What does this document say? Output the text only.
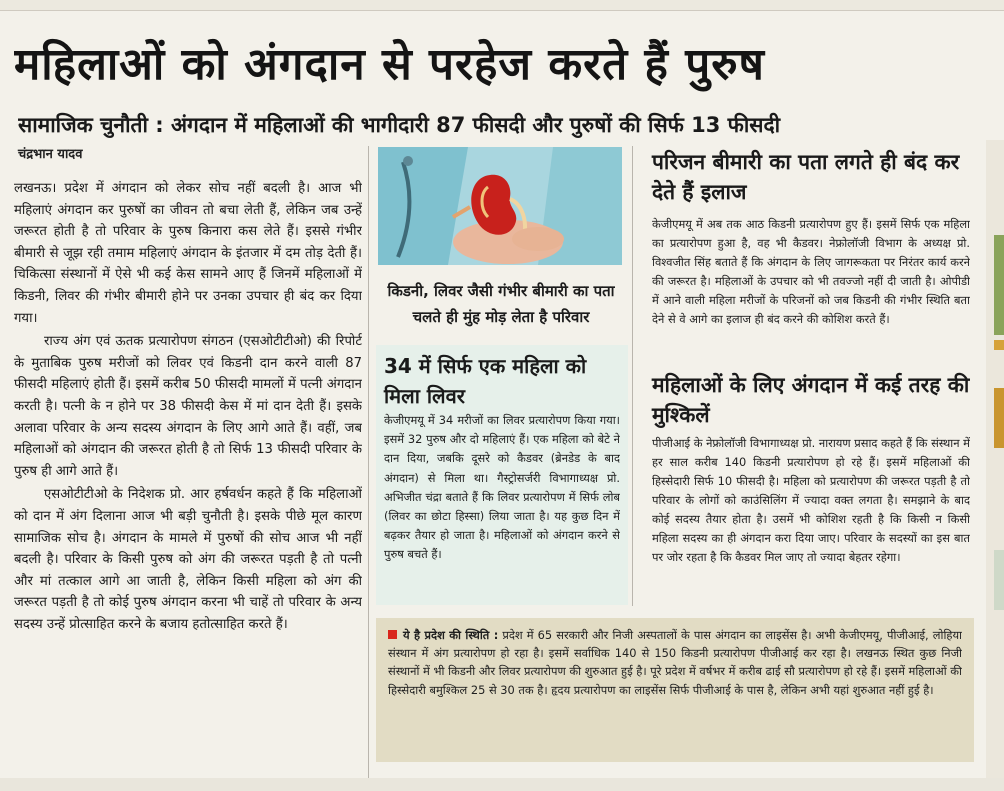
महिलाओं को अंगदान से परहेज करते हैं पुरुष
सामाजिक चुनौती : अंगदान में महिलाओं की भागीदारी 87 फीसदी और पुरुषों की सिर्फ 13 फीसदी
चंद्रभान यादव

लखनऊ। प्रदेश में अंगदान को लेकर सोच नहीं बदली है। आज भी महिलाएं अंगदान कर पुरुषों का जीवन तो बचा लेती हैं, लेकिन जब उन्हें जरूरत होती है तो परिवार के पुरुष किनारा कस लेते हैं। इससे गंभीर बीमारी से जूझ रही तमाम महिलाएं अंगदान के इंतजार में दम तोड़ देती हैं। चिकित्सा संस्थानों में ऐसे भी कई केस सामने आए हैं जिनमें महिलाओं में किडनी, लिवर की गंभीर बीमारी होने पर उनका उपचार ही बंद कर दिया गया।

राज्य अंग एवं ऊतक प्रत्यारोपण संगठन (एसओटीटीओ) की रिपोर्ट के मुताबिक पुरुष मरीजों को लिवर एवं किडनी दान करने वाली 87 फीसदी महिलाएं होती हैं। इसमें करीब 50 फीसदी मामलों में पत्नी अंगदान करती है। पत्नी के न होने पर 38 फीसदी केस में मां दान देती हैं। इसके अलावा परिवार के अन्य सदस्य अंगदान के लिए आगे आते हैं। वहीं, जब महिलाओं को अंगदान की जरूरत होती है तो सिर्फ 13 फीसदी परिवार के पुरुष ही आगे आते हैं।

एसओटीटीओ के निदेशक प्रो. आर हर्षवर्धन कहते हैं कि महिलाओं को दान में अंग दिलाना आज भी बड़ी चुनौती है। इसके पीछे मूल कारण सामाजिक सोच है। अंगदान के मामले में पुरुषों की सोच आज भी नहीं बदली है। परिवार के किसी पुरुष को अंग की जरूरत पड़ती है तो पत्नी और मां तत्काल आगे आ जाती है, लेकिन किसी महिला को अंग की जरूरत पड़ती है तो कोई पुरुष अंगदान करना भी चाहें तो परिवार के अन्य सदस्य उन्हें प्रोत्साहित करने के बजाय हतोत्साहित करते हैं।

किडनी, लिवर जैसी गंभीर बीमारी का पता चलते ही मुंह मोड़ लेता है परिवार
34 में सिर्फ एक महिला को मिला लिवर
केजीएमयू में 34 मरीजों का लिवर प्रत्यारोपण किया गया। इसमें 32 पुरुष और दो महिलाएं हैं। एक महिला को बेटे ने दान दिया, जबकि दूसरे को कैडवर (ब्रेनडेड के बाद अंगदान) से मिला था। गैस्ट्रोसर्जरी विभागाध्यक्ष प्रो. अभिजीत चंद्रा बताते हैं कि लिवर प्रत्यारोपण में सिर्फ लोब (लिवर का छोटा हिस्सा) लिया जाता है। यह कुछ दिन में बढ़कर तैयार हो जाता है। महिलाओं को अंगदान करने से पुरुष बचते हैं।
परिजन बीमारी का पता लगते ही बंद कर देते हैं इलाज
केजीएमयू में अब तक आठ किडनी प्रत्यारोपण हुए हैं। इसमें सिर्फ एक महिला का प्रत्यारोपण हुआ है, वह भी कैडवर। नेफ्रोलॉजी विभाग के अध्यक्ष प्रो. विश्वजीत सिंह बताते हैं कि अंगदान के लिए जागरूकता पर निरंतर कार्य करने की जरूरत है। महिलाओं के उपचार को भी तवज्जो नहीं दी जाती है। ओपीडी में आने वाली महिला मरीजों के परिजनों को जब किडनी की गंभीर स्थिति बता देने से वे आगे का इलाज ही बंद करने की कोशिश करते हैं।
महिलाओं के लिए अंगदान में कई तरह की मुश्किलें
पीजीआई के नेफ्रोलॉजी विभागाध्यक्ष प्रो. नारायण प्रसाद कहते हैं कि संस्थान में हर साल करीब 140 किडनी प्रत्यारोपण हो रहे हैं। इसमें महिलाओं की हिस्सेदारी सिर्फ 10 फीसदी है। महिला को प्रत्यारोपण की जरूरत पड़ती है तो परिवार के लोगों को काउंसिलिंग में ज्यादा वक्त लगता है। समझाने के बाद कोई सदस्य तैयार होता है। उसमें भी कोशिश रहती है कि किसी न किसी महिला सदस्य का ही अंगदान करा दिया जाए। परिवार के सदस्यों का इस बात पर जोर रहता है कि कैडवर मिल जाए तो ज्यादा बेहतर रहेगा।
ये है प्रदेश की स्थिति : प्रदेश में 65 सरकारी और निजी अस्पतालों के पास अंगदान का लाइसेंस है। अभी केजीएमयू, पीजीआई, लोहिया संस्थान में अंग प्रत्यारोपण हो रहा है। इसमें सर्वाधिक 140 से 150 किडनी प्रत्यारोपण पीजीआई कर रहा है। लखनऊ स्थित कुछ निजी संस्थानों में भी किडनी और लिवर प्रत्यारोपण की शुरुआत हुई है। पूरे प्रदेश में वर्षभर में करीब ढाई सौ प्रत्यारोपण हो रहे हैं। इसमें महिलाओं की हिस्सेदारी बमुश्किल 25 से 30 तक है। हृदय प्रत्यारोपण का लाइसेंस सिर्फ पीजीआई के पास है, लेकिन अभी यहां शुरुआत नहीं हुई है।
